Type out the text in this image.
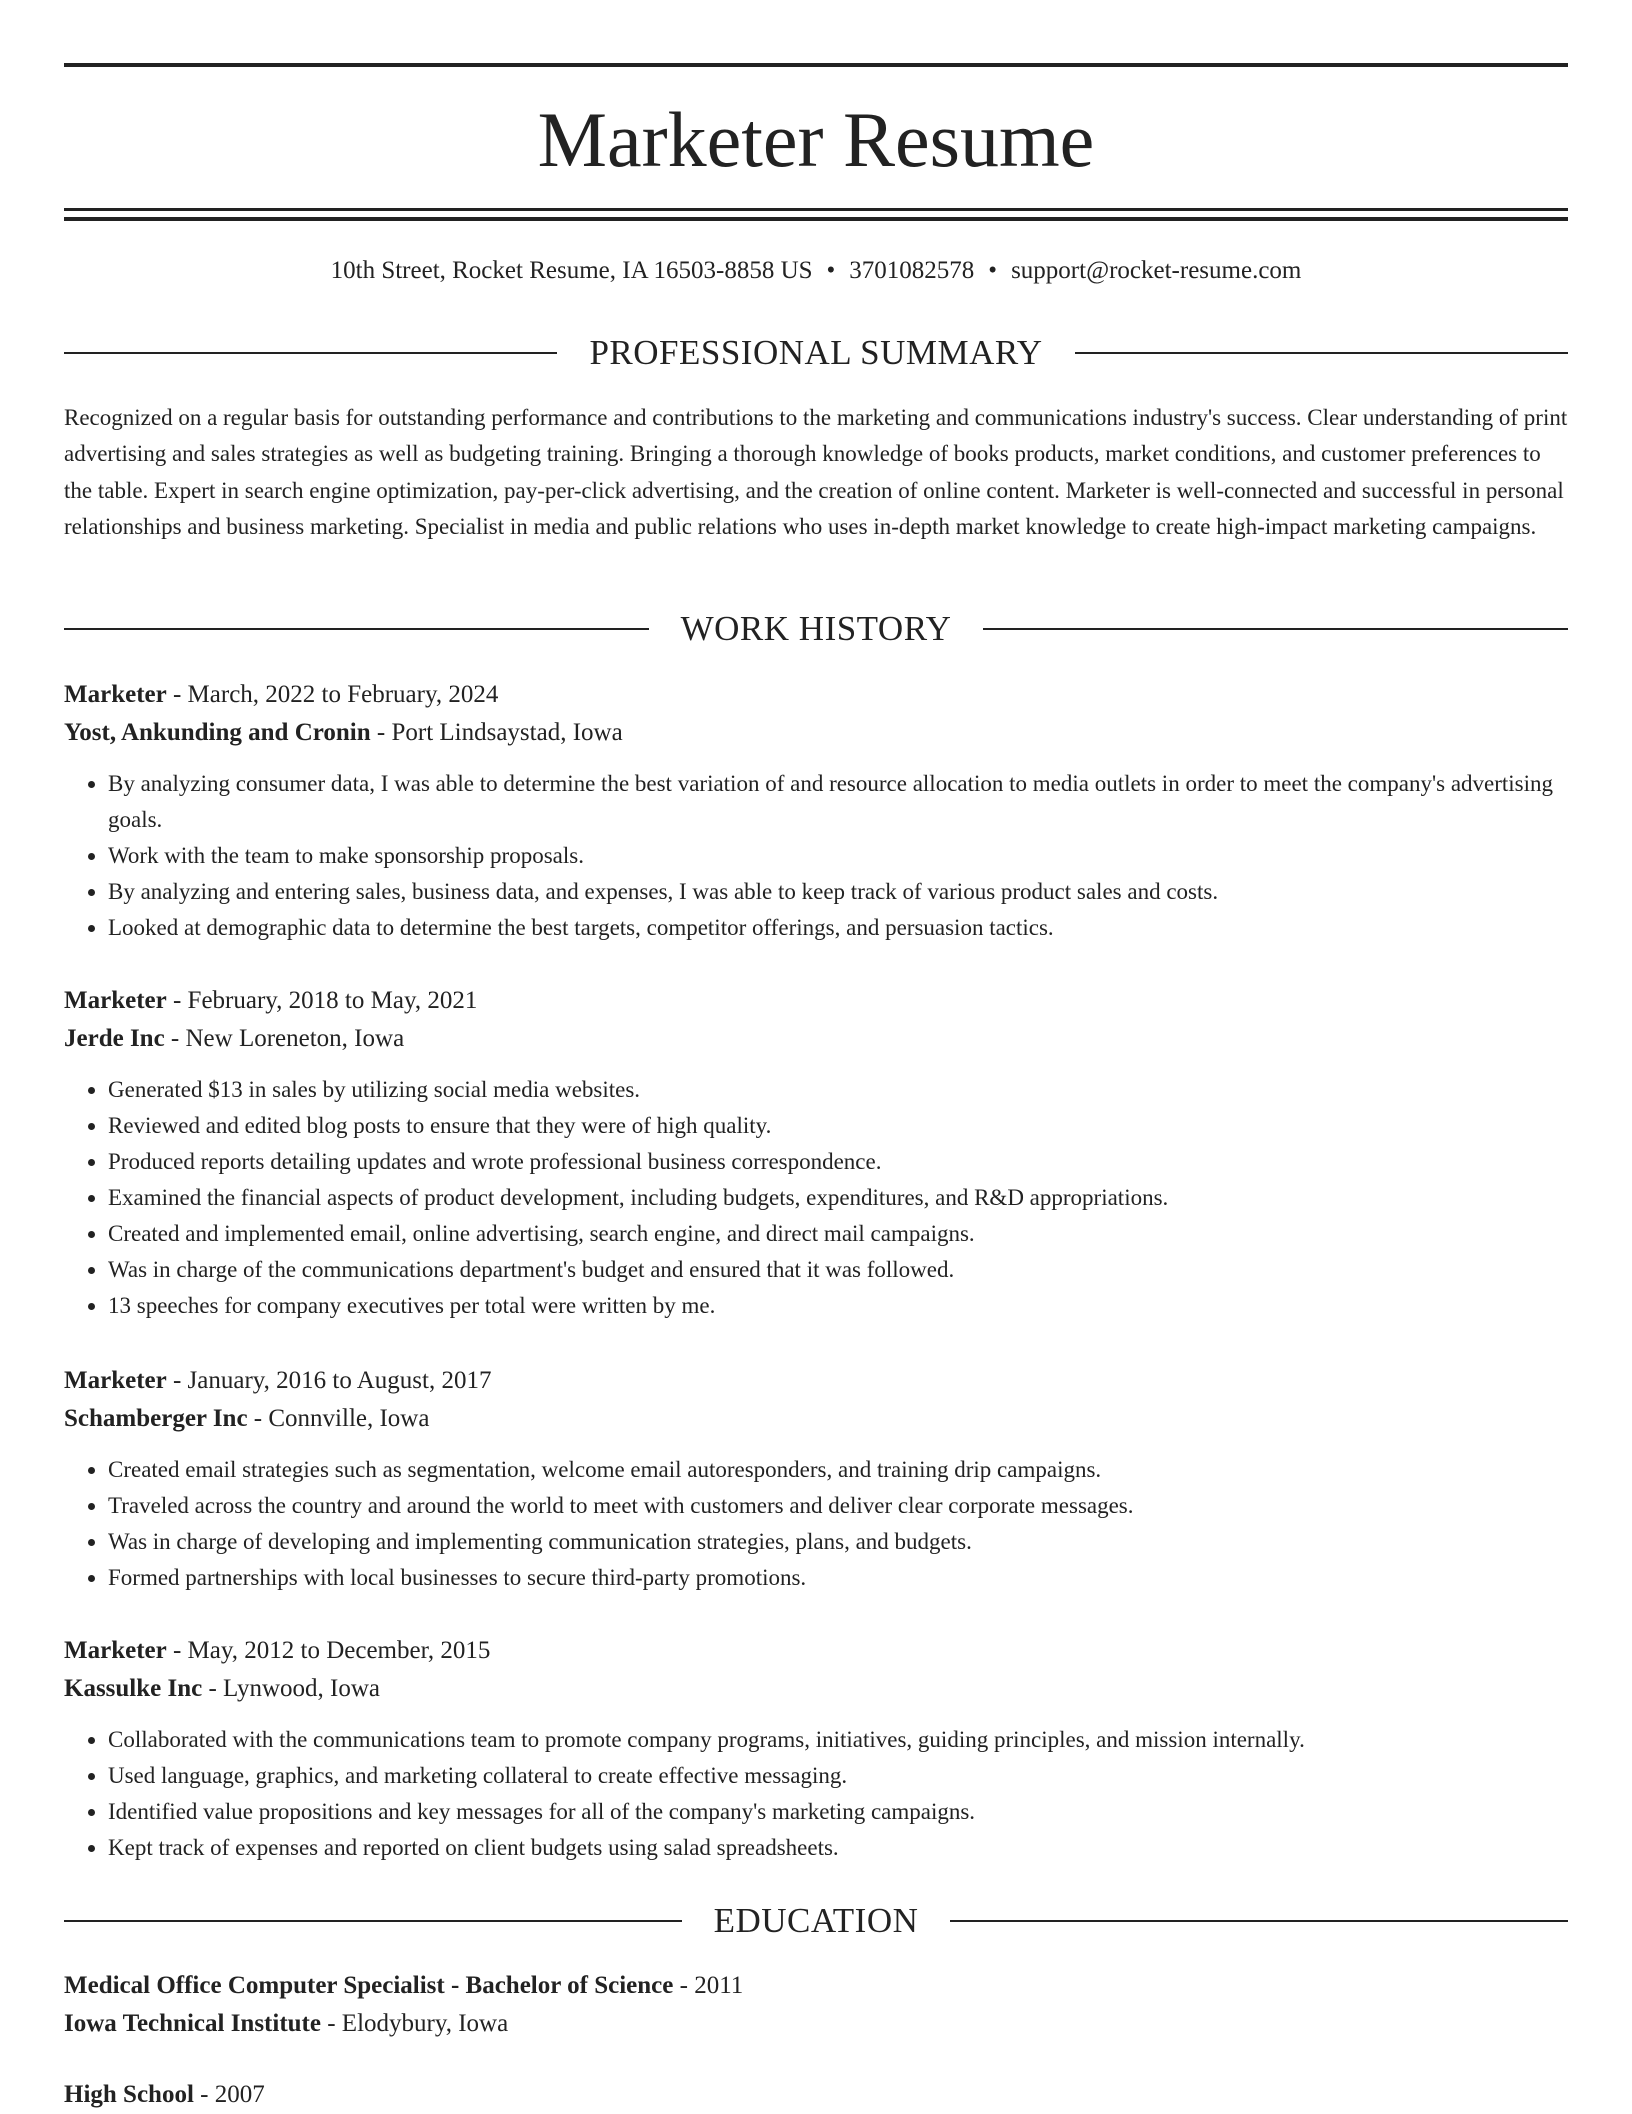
Marketer Resume
10th Street, Rocket Resume, IA 16503-8858 US • 3701082578 • support@rocket-resume.com
PROFESSIONAL SUMMARY

Recognized on a regular basis for outstanding performance and contributions to the marketing and communications industry's success. Clear understanding of print advertising and sales strategies as well as budgeting training. Bringing a thorough knowledge of books products, market conditions, and customer preferences to the table. Expert in search engine optimization, pay-per-click advertising, and the creation of online content. Marketer is well-connected and successful in personal relationships and business marketing. Specialist in media and public relations who uses in-depth market knowledge to create high-impact marketing campaigns.

WORK HISTORY
Marketer - March, 2022 to February, 2024
Yost, Ankunding and Cronin - Port Lindsaystad, Iowa
• By analyzing consumer data, I was able to determine the best variation of and resource allocation to media outlets in order to meet the company's advertising goals.
• Work with the team to make sponsorship proposals.
• By analyzing and entering sales, business data, and expenses, I was able to keep track of various product sales and costs.
• Looked at demographic data to determine the best targets, competitor offerings, and persuasion tactics.
Marketer - February, 2018 to May, 2021
Jerde Inc - New Loreneton, Iowa
• Generated $13 in sales by utilizing social media websites.
• Reviewed and edited blog posts to ensure that they were of high quality.
• Produced reports detailing updates and wrote professional business correspondence.
• Examined the financial aspects of product development, including budgets, expenditures, and R&D appropriations.
• Created and implemented email, online advertising, search engine, and direct mail campaigns.
• Was in charge of the communications department's budget and ensured that it was followed.
• 13 speeches for company executives per total were written by me.
Marketer - January, 2016 to August, 2017
Schamberger Inc - Connville, Iowa
• Created email strategies such as segmentation, welcome email autoresponders, and training drip campaigns.
• Traveled across the country and around the world to meet with customers and deliver clear corporate messages.
• Was in charge of developing and implementing communication strategies, plans, and budgets.
• Formed partnerships with local businesses to secure third-party promotions.
Marketer - May, 2012 to December, 2015
Kassulke Inc - Lynwood, Iowa
• Collaborated with the communications team to promote company programs, initiatives, guiding principles, and mission internally.
• Used language, graphics, and marketing collateral to create effective messaging.
• Identified value propositions and key messages for all of the company's marketing campaigns.
• Kept track of expenses and reported on client budgets using salad spreadsheets.
EDUCATION
Medical Office Computer Specialist - Bachelor of Science - 2011
Iowa Technical Institute - Elodybury, Iowa
High School - 2007
